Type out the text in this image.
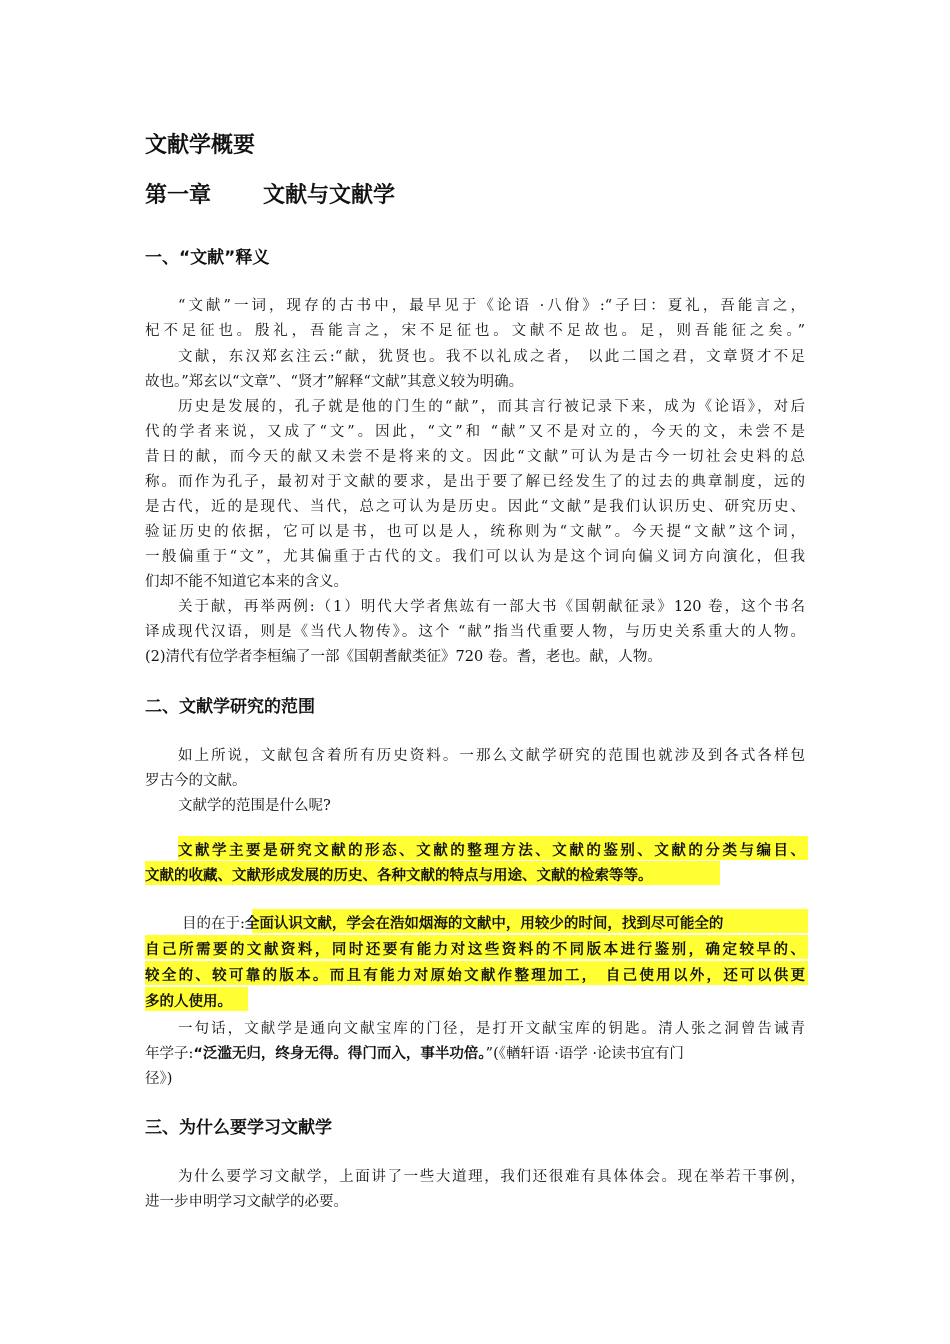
文献学概要
第一章 文献与文献学
一、“文献”释义
“文献”一词，现存的古书中，最早见于《论语 ·八佾》:“子曰：夏礼，吾能言之，
杞不足征也。殷礼，吾能言之，宋不足征也。文献不足故也。足，则吾能征之矣。”
文献，东汉郑玄注云:“献，犹贤也。我不以礼成之者， 以此二国之君，文章贤才不足
故也。”郑玄以“文章”、“贤才”解释“文献”其意义较为明确。
历史是发展的，孔子就是他的门生的“献”，而其言行被记录下来，成为《论语》，对后
代的学者来说，又成了“文”。因此，“文”和 “献”又不是对立的，今天的文，未尝不是
昔日的献，而今天的献又未尝不是将来的文。因此“文献”可认为是古今一切社会史料的总
称。而作为孔子，最初对于文献的要求，是出于要了解已经发生了的过去的典章制度，远的
是古代，近的是现代、当代，总之可认为是历史。因此“文献”是我们认识历史、研究历史、
验证历史的依据，它可以是书，也可以是人，统称则为“文献”。今天提“文献”这个词，
一般偏重于“文”，尤其偏重于古代的文。我们可以认为是这个词向偏义词方向演化，但我
们却不能不知道它本来的含义。
关于献，再举两例:（1）明代大学者焦竑有一部大书《国朝献征录》120 卷，这个书名
译成现代汉语，则是《当代人物传》。这个 “献”指当代重要人物，与历史关系重大的人物。
(2)清代有位学者李桓编了一部《国朝耆献类征》720 卷。耆，老也。献，人物。
二、文献学研究的范围
如上所说，文献包含着所有历史资料。一那么文献学研究的范围也就涉及到各式各样包
罗古今的文献。
文献学的范围是什么呢?
文献学主要是研究文献的形态、文献的整理方法、文献的鉴别、文献的分类与编目、
文献的收藏、文献形成发展的历史、各种文献的特点与用途、文献的检索等等。
目的在于:全面认识文献，学会在浩如烟海的文献中，用较少的时间，找到尽可能全的
自己所需要的文献资料，同时还要有能力对这些资料的不同版本进行鉴别，确定较早的、
较全的、较可靠的版本。而且有能力对原始文献作整理加工， 自己使用以外，还可以供更
多的人使用。
一句话，文献学是通向文献宝库的门径，是打开文献宝库的钥匙。清人张之洞曾告诫青
年学子:“泛滥无归，终身无得。得门而入，事半功倍。”(《輶轩语 ·语学 ·论读书宜有门
径》)
三、为什么要学习文献学
为什么要学习文献学，上面讲了一些大道理，我们还很难有具体体会。现在举若干事例，
进一步申明学习文献学的必要。
